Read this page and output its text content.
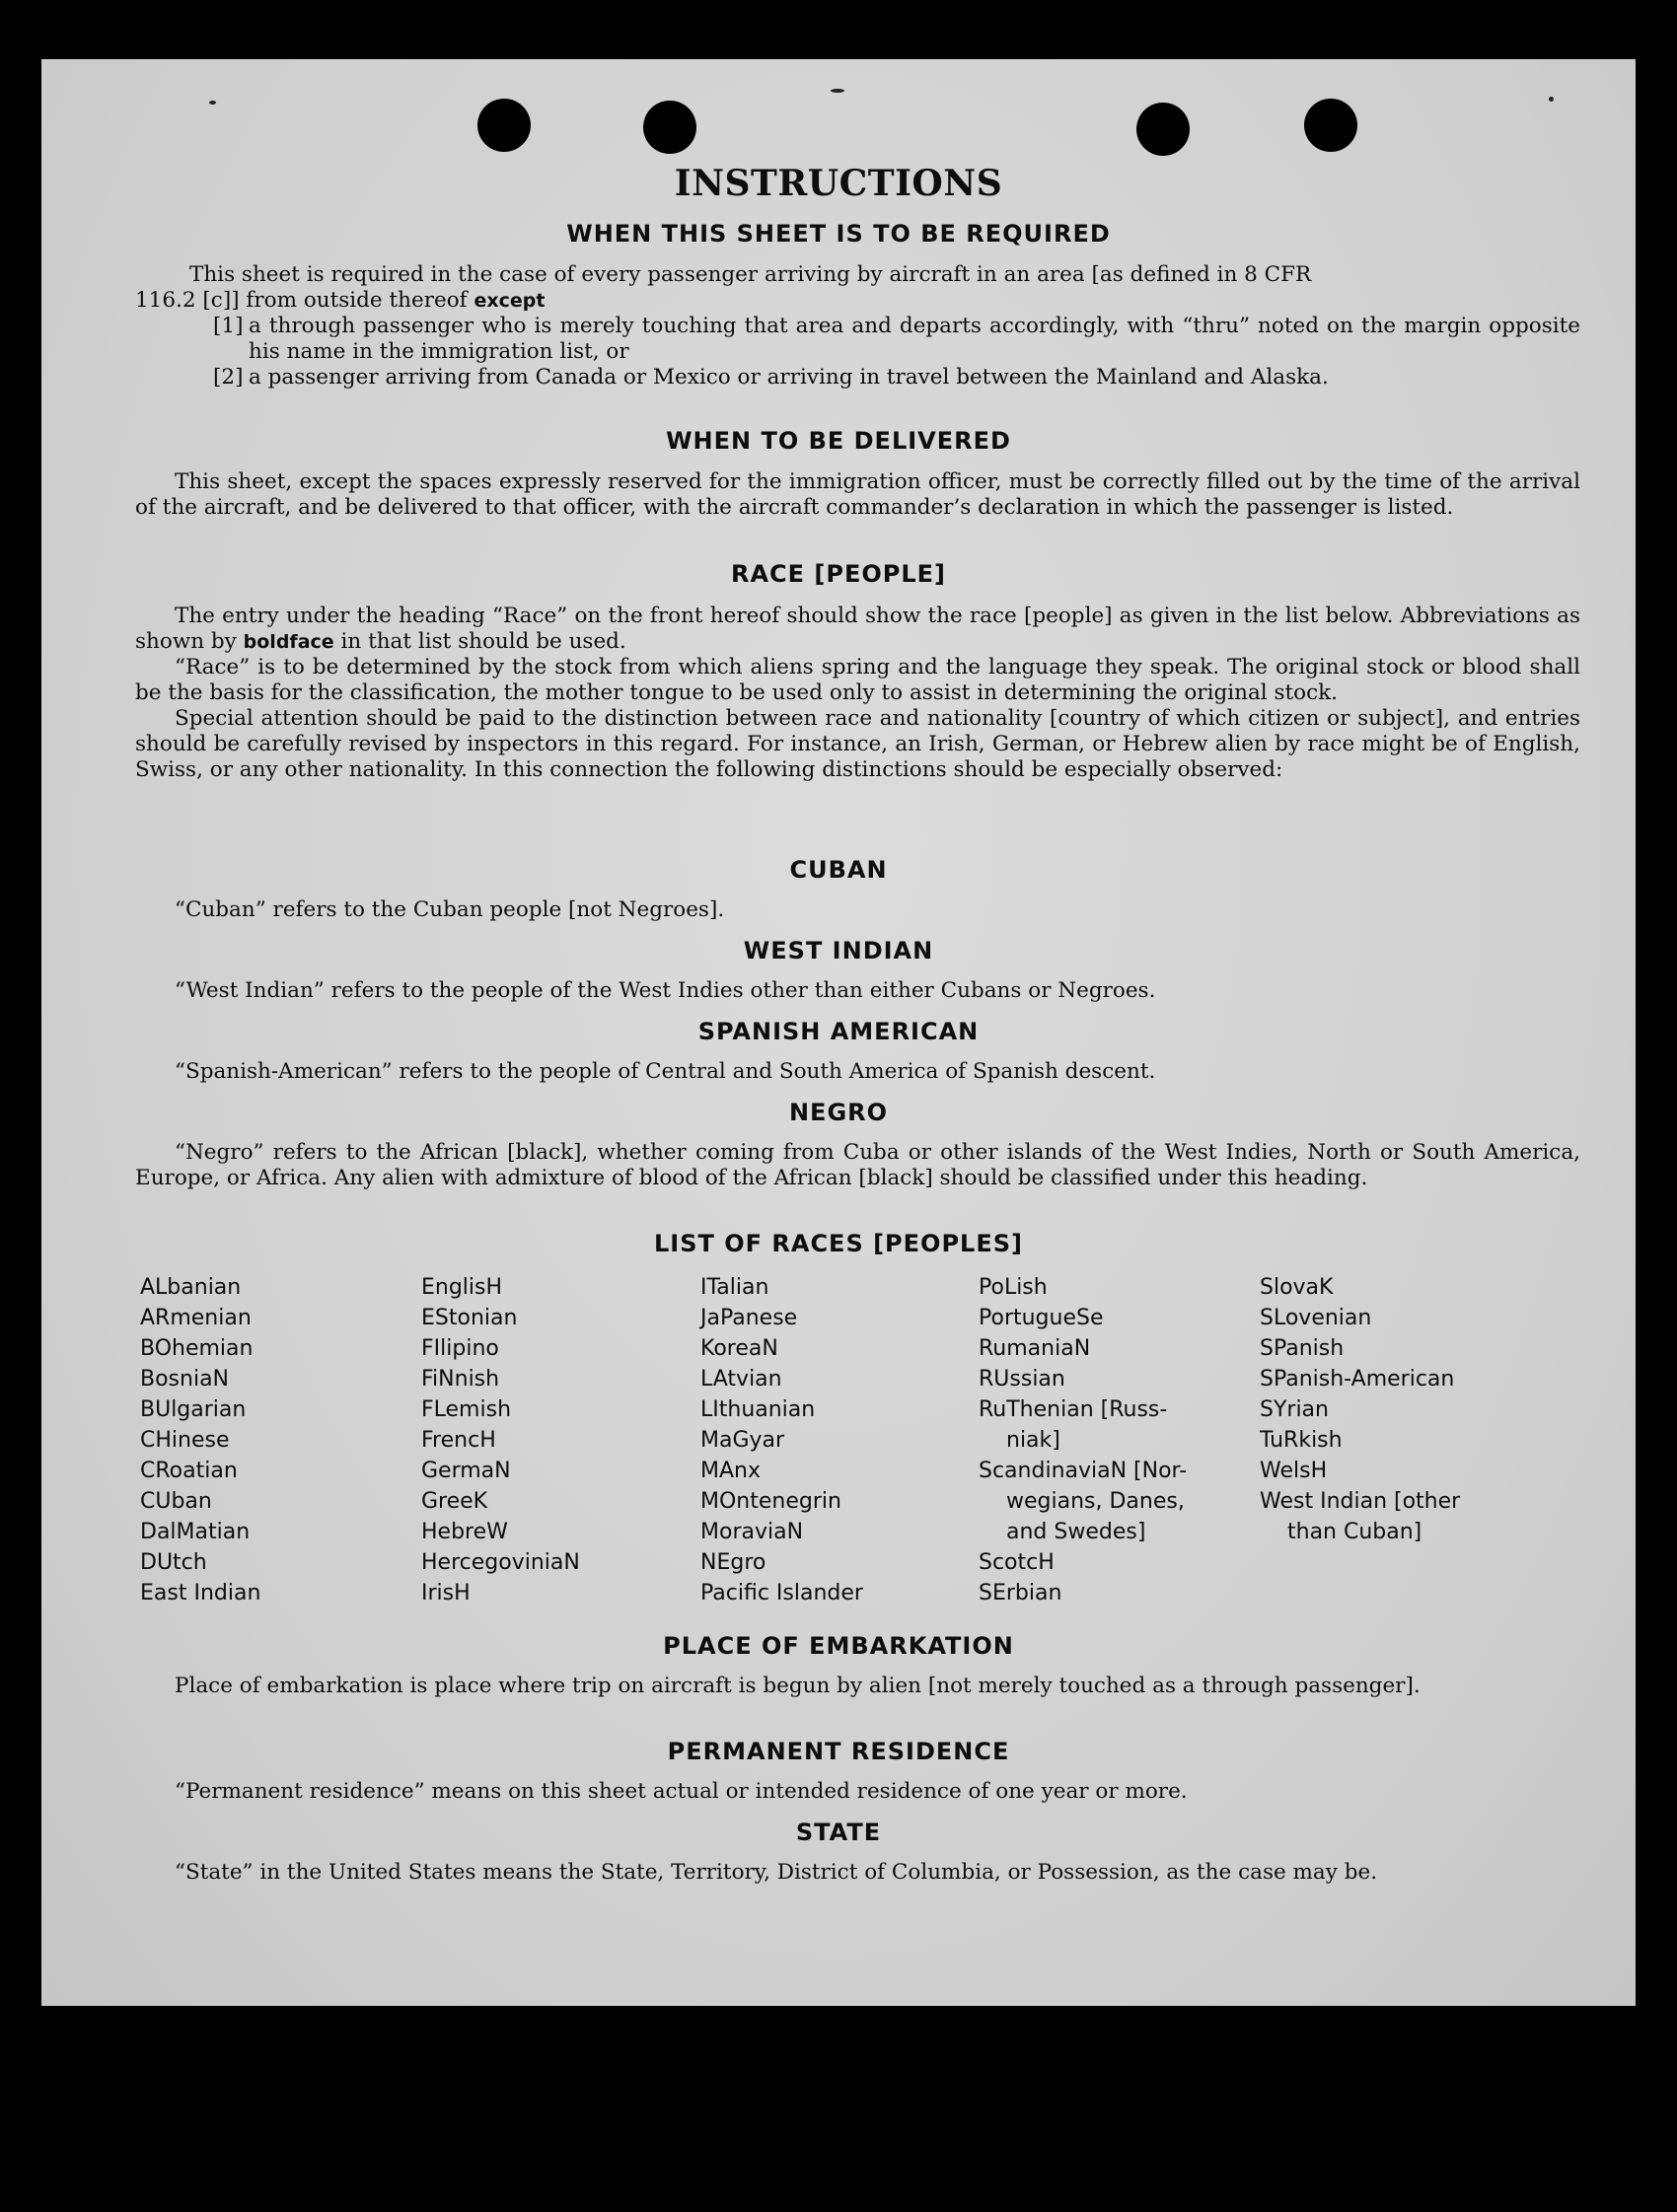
INSTRUCTIONS
WHEN THIS SHEET IS TO BE REQUIRED
This sheet is required in the case of every passenger arriving by aircraft in an area [as defined in 8 CFR
116.2 [c]] from outside thereof except
[1] a through passenger who is merely touching that area and departs accordingly, with “thru” noted on the margin opposite his name in the immigration list, or
[2] a passenger arriving from Canada or Mexico or arriving in travel between the Mainland and Alaska.
WHEN TO BE DELIVERED

This sheet, except the spaces expressly reserved for the immigration officer, must be correctly filled out by the time of the arrival of the aircraft, and be delivered to that officer, with the aircraft commander’s declaration in which the passenger is listed.

RACE [PEOPLE]

The entry under the heading “Race” on the front hereof should show the race [people] as given in the list below. Abbreviations as shown by boldface in that list should be used.

“Race” is to be determined by the stock from which aliens spring and the language they speak. The original stock or blood shall be the basis for the classification, the mother tongue to be used only to assist in determining the original stock.

Special attention should be paid to the distinction between race and nationality [country of which citizen or subject], and entries should be carefully revised by inspectors in this regard. For instance, an Irish, German, or Hebrew alien by race might be of English, Swiss, or any other nationality. In this connection the following distinctions should be especially observed:

CUBAN

“Cuban” refers to the Cuban people [not Negroes].

WEST INDIAN

“West Indian” refers to the people of the West Indies other than either Cubans or Negroes.

SPANISH AMERICAN

“Spanish-American” refers to the people of Central and South America of Spanish descent.

NEGRO

“Negro” refers to the African [black], whether coming from Cuba or other islands of the West Indies, North or South America, Europe, or Africa. Any alien with admixture of blood of the African [black] should be classified under this heading.

LIST OF RACES [PEOPLES]
ALbanian
ARmenian
BOhemian
BosniaN
BUlgarian
CHinese
CRoatian
CUban
DalMatian
DUtch
East Indian
EnglisH
EStonian
FIlipino
FiNnish
FLemish
FrencH
GermaN
GreeK
HebreW
HercegoviniaN
IrisH
ITalian
JaPanese
KoreaN
LAtvian
LIthuanian
MaGyar
MAnx
MOntenegrin
MoraviaN
NEgro
Pacific Islander
PoLish
PortugueSe
RumaniaN
RUssian
RuThenian [Russ-
niak]
ScandinaviaN [Nor-
wegians, Danes,
and Swedes]
ScotcH
SErbian
SlovaK
SLovenian
SPanish
SPanish-American
SYrian
TuRkish
WelsH
West Indian [other
than Cuban]
PLACE OF EMBARKATION

Place of embarkation is place where trip on aircraft is begun by alien [not merely touched as a through passenger].

PERMANENT RESIDENCE

“Permanent residence” means on this sheet actual or intended residence of one year or more.

STATE

“State” in the United States means the State, Territory, District of Columbia, or Possession, as the case may be.
